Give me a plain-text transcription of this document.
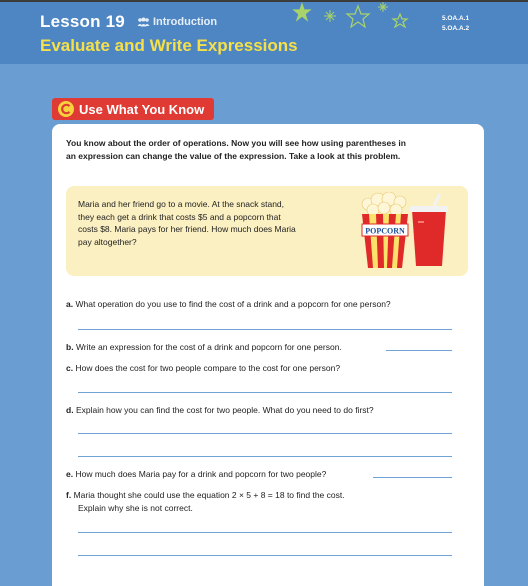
Lesson 19	Introduction
Evaluate and Write Expressions
5.OA.A.1
5.OA.A.2
Use What You Know
You know about the order of operations. Now you will see how using parentheses in an expression can change the value of the expression. Take a look at this problem.
Maria and her friend go to a movie. At the snack stand, they each get a drink that costs $5 and a popcorn that costs $8. Maria pays for her friend. How much does Maria pay altogether?
POPCORN
a. What operation do you use to find the cost of a drink and a popcorn for one person?
b. Write an expression for the cost of a drink and popcorn for one person.
c. How does the cost for two people compare to the cost for one person?
d. Explain how you can find the cost for two people. What do you need to do first?
e. How much does Maria pay for a drink and popcorn for two people?
f. Maria thought she could use the equation 2 × 5 + 8 = 18 to find the cost.
Explain why she is not correct.
